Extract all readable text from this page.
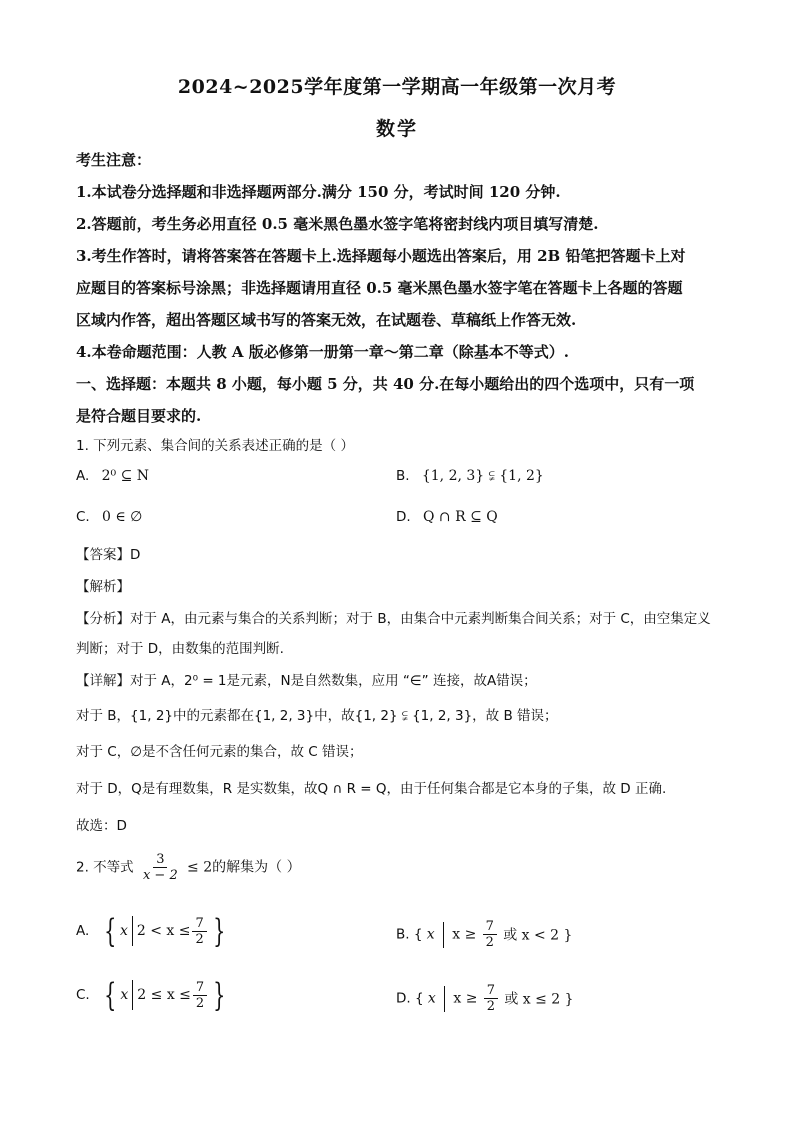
2024~2025学年度第一学期高一年级第一次月考
数学
考生注意：
1.本试卷分选择题和非选择题两部分.满分 150 分，考试时间 120 分钟.
2.答题前，考生务必用直径 0.5 毫米黑色墨水签字笔将密封线内项目填写清楚.
3.考生作答时，请将答案答在答题卡上.选择题每小题选出答案后，用 2B 铅笔把答题卡上对
应题目的答案标号涂黑；非选择题请用直径 0.5 毫米黑色墨水签字笔在答题卡上各题的答题
区域内作答，超出答题区域书写的答案无效，在试题卷、草稿纸上作答无效.
4.本卷命题范围：人教 A 版必修第一册第一章～第二章（除基本不等式）.
一、选择题：本题共 8 小题，每小题 5 分，共 40 分.在每小题给出的四个选项中，只有一项
是符合题目要求的.
1. 下列元素、集合间的关系表述正确的是（ ）
A. 2⁰ ⊆ N	B. {1, 2, 3} ⫋ {1, 2}
C. 0 ∈ ∅	D. Q ∩ R ⊆ Q
【答案】D
【解析】
【分析】对于 A，由元素与集合的关系判断；对于 B，由集合中元素判断集合间关系；对于 C，由空集定义
判断；对于 D，由数集的范围判断.
【详解】对于 A，2⁰ = 1是元素，N是自然数集，应用 “∈” 连接，故A错误；
对于 B，{1, 2}中的元素都在{1, 2, 3}中，故{1, 2} ⫋ {1, 2, 3}，故 B 错误；
对于 C，∅是不含任何元素的集合，故 C 错误；
对于 D，Q是有理数集，R 是实数集，故Q ∩ R = Q，由于任何集合都是它本身的子集，故 D 正确.
故选：D
2. 不等式 $\frac{3}{x - 2} \le 2$的解集为（ ）
A. { x $2 < x \le \frac{7}{2}$ }	B. { x $x \ge \frac{7}{2}$ 或 x < 2 }
C. { x $2 \le x \le \frac{7}{2}$ }	D. { x $x \ge \frac{7}{2}$ 或 x ≤ 2 }
